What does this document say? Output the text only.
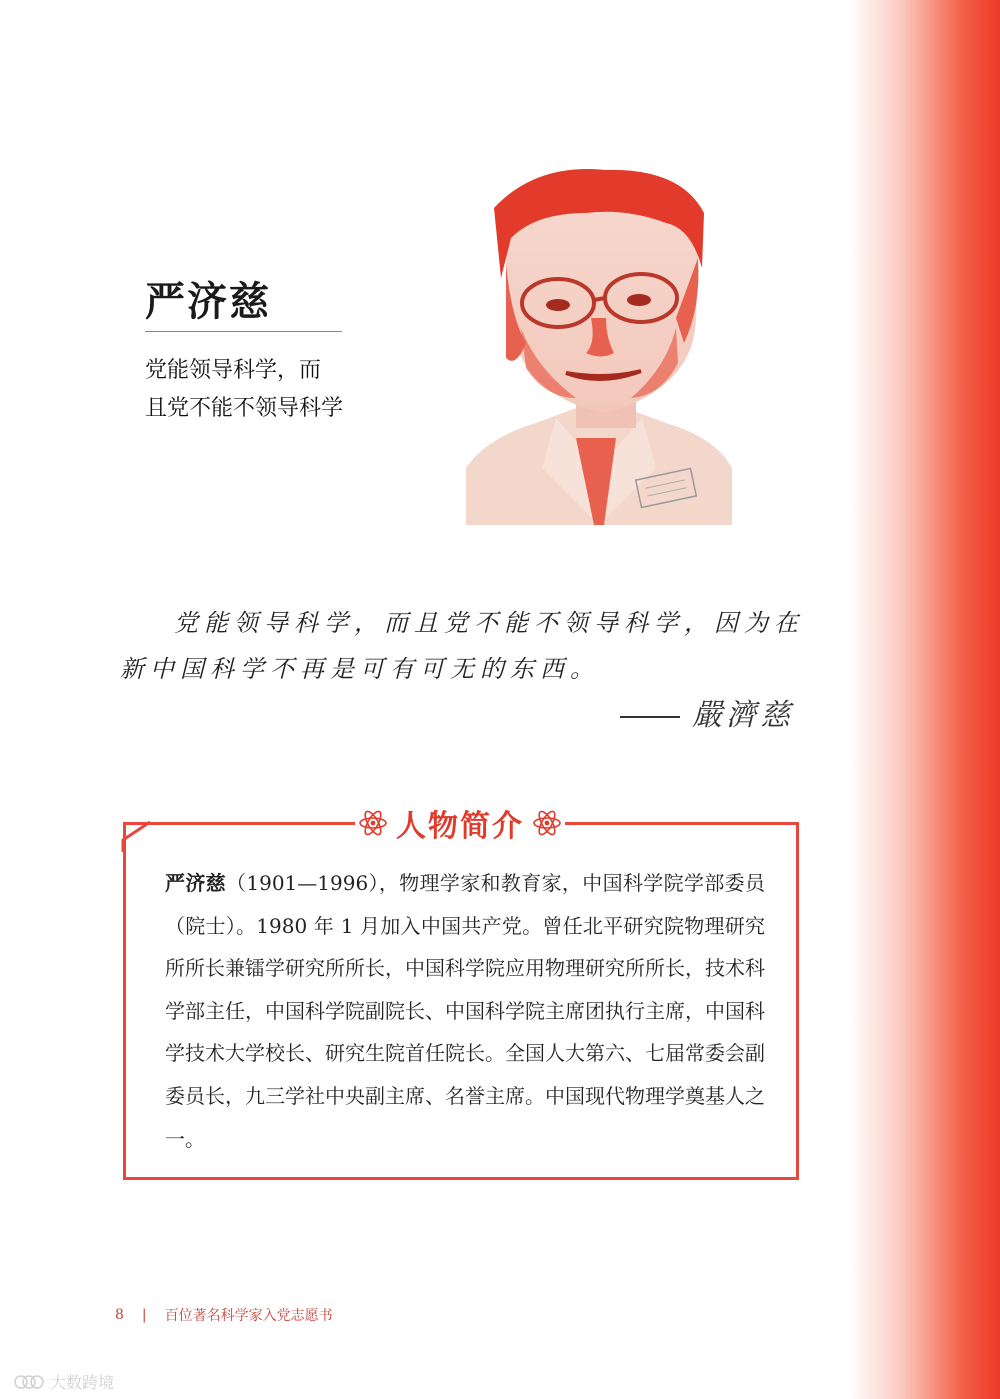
严济慈
党能领导科学，而
且党不能不领导科学

党能领导科学，而且党不能不领导科学，因为在新中国科学不再是可有可无的东西。

嚴濟慈
人物简介
严济慈（1901—1996），物理学家和教育家，中国科学院学部委员（院士）。1980 年 1 月加入中国共产党。曾任北平研究院物理研究所所长兼镭学研究所所长，中国科学院应用物理研究所所长，技术科学部主任，中国科学院副院长、中国科学院主席团执行主席，中国科学技术大学校长、研究生院首任院长。全国人大第六、七届常委会副委员长，九三学社中央副主席、名誉主席。中国现代物理学奠基人之一。
8 | 百位著名科学家入党志愿书
大数跨境
